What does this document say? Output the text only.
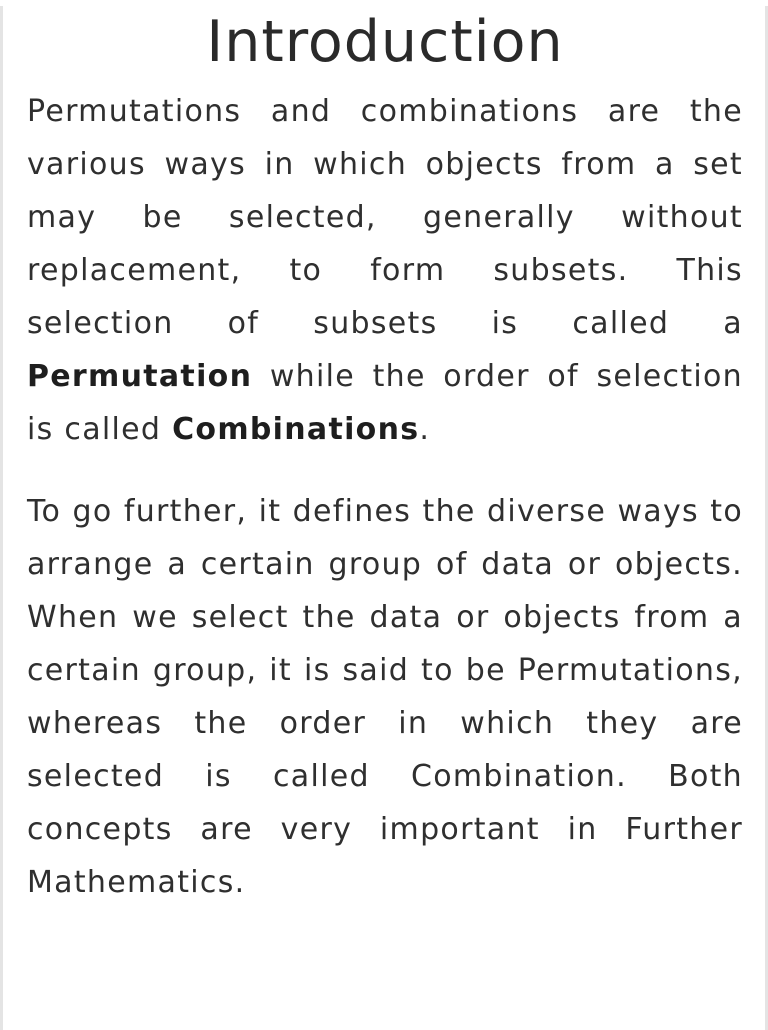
Introduction

Permutations and combinations are the various ways in which objects from a set may be selected, generally without replacement, to form subsets. This selection of subsets is called a Permutation while the order of selection is called Combinations.

To go further, it defines the diverse ways to arrange a certain group of data or objects. When we select the data or objects from a certain group, it is said to be Permutations, whereas the order in which they are selected is called Combination. Both concepts are very important in Further Mathematics.
